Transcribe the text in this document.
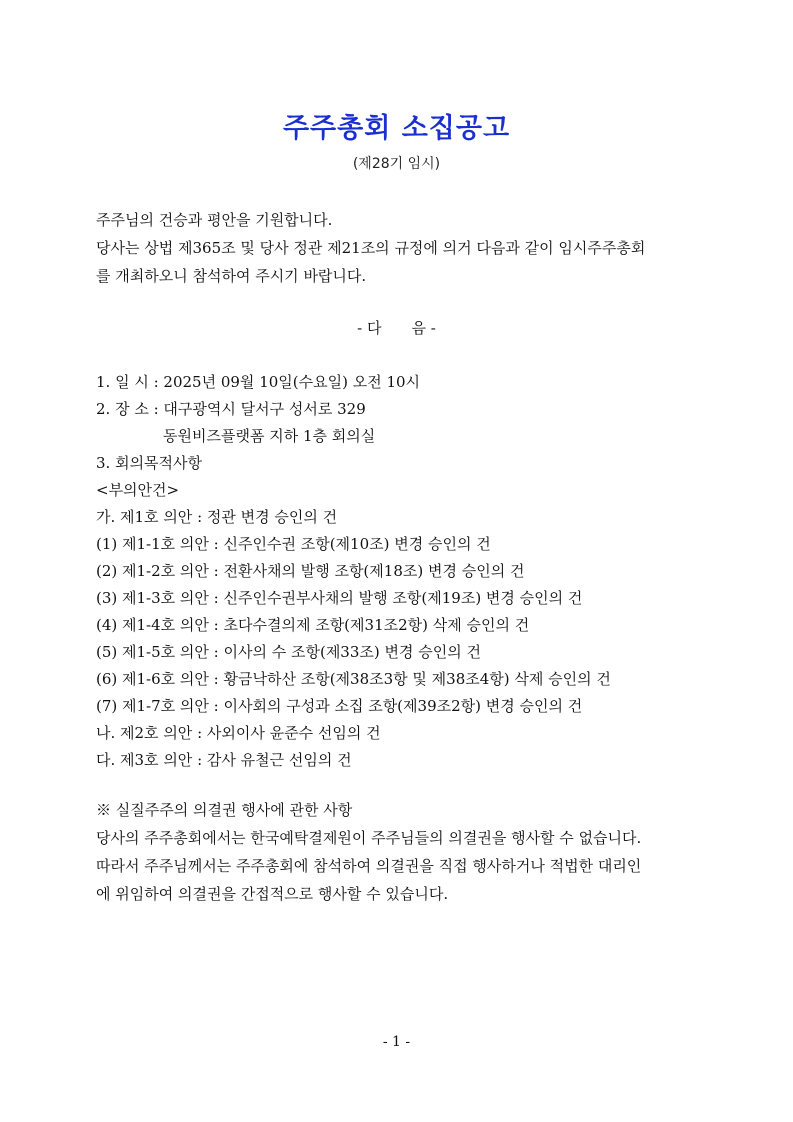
주주총회 소집공고
(제28기 임시)
주주님의 건승과 평안을 기원합니다.
당사는 상법 제365조 및 당사 정관 제21조의 규정에 의거 다음과 같이 임시주주총회
를 개최하오니 참석하여 주시기 바랍니다.
- 다　　음 -
1. 일 시 : 2025년 09월 10일(수요일) 오전 10시
2. 장 소 : 대구광역시 달서구 성서로 329
동원비즈플랫폼 지하 1층 회의실
3. 회의목적사항
<부의안건>
가. 제1호 의안 : 정관 변경 승인의 건
(1) 제1-1호 의안 : 신주인수권 조항(제10조) 변경 승인의 건
(2) 제1-2호 의안 : 전환사채의 발행 조항(제18조) 변경 승인의 건
(3) 제1-3호 의안 : 신주인수권부사채의 발행 조항(제19조) 변경 승인의 건
(4) 제1-4호 의안 : 초다수결의제 조항(제31조2항) 삭제 승인의 건
(5) 제1-5호 의안 : 이사의 수 조항(제33조) 변경 승인의 건
(6) 제1-6호 의안 : 황금낙하산 조항(제38조3항 및 제38조4항) 삭제 승인의 건
(7) 제1-7호 의안 : 이사회의 구성과 소집 조항(제39조2항) 변경 승인의 건
나. 제2호 의안 : 사외이사 윤준수 선임의 건
다. 제3호 의안 : 감사 유철근 선임의 건
※ 실질주주의 의결권 행사에 관한 사항
당사의 주주총회에서는 한국예탁결제원이 주주님들의 의결권을 행사할 수 없습니다.
따라서 주주님께서는 주주총회에 참석하여 의결권을 직접 행사하거나 적법한 대리인
에 위임하여 의결권을 간접적으로 행사할 수 있습니다.
- 1 -
